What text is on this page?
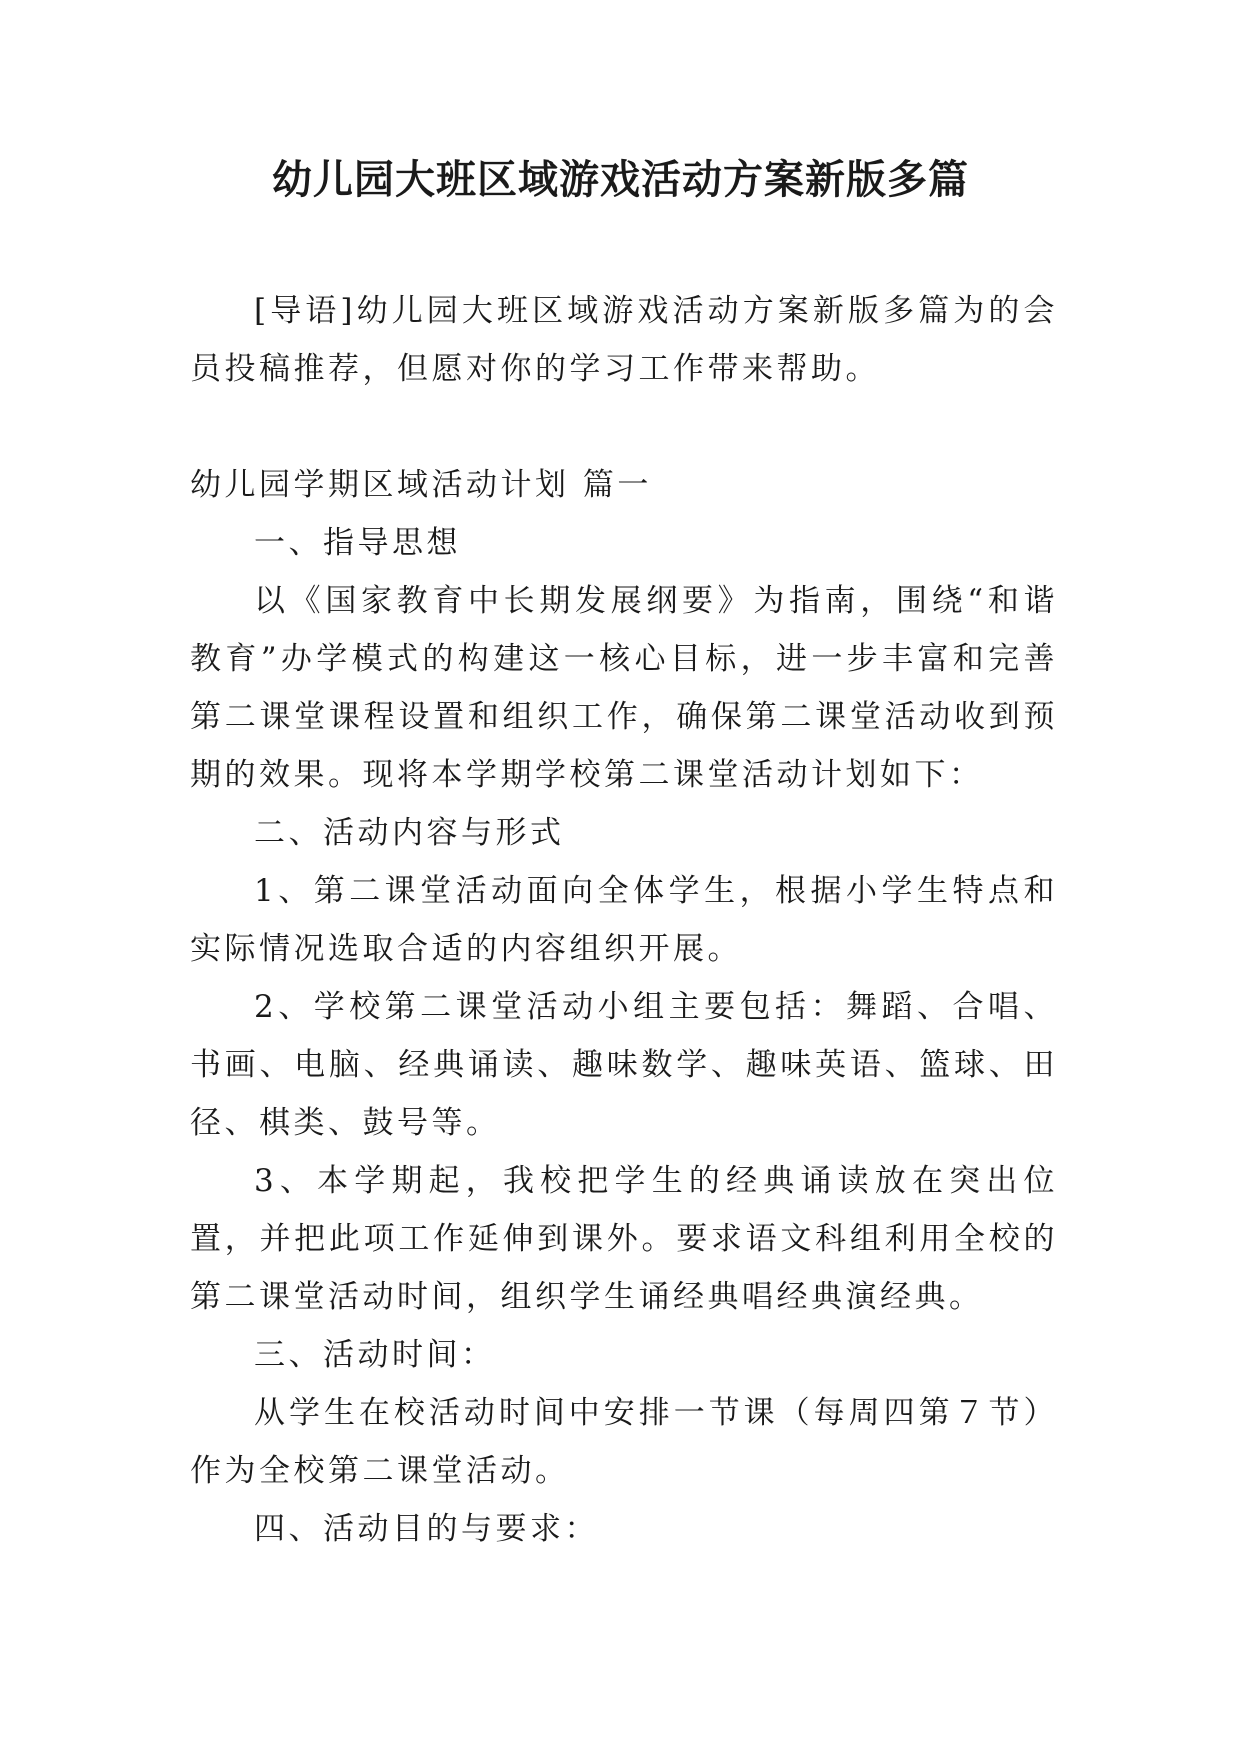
幼儿园大班区域游戏活动方案新版多篇

[导语]幼儿园大班区域游戏活动方案新版多篇为的会员投稿推荐，但愿对你的学习工作带来帮助。

幼儿园学期区域活动计划 篇一

一、指导思想

以《国家教育中长期发展纲要》为指南，围绕“和谐教育”办学模式的构建这一核心目标，进一步丰富和完善第二课堂课程设置和组织工作，确保第二课堂活动收到预期的效果。现将本学期学校第二课堂活动计划如下：

二、活动内容与形式

1、第二课堂活动面向全体学生，根据小学生特点和实际情况选取合适的内容组织开展。

2、学校第二课堂活动小组主要包括：舞蹈、合唱、书画、电脑、经典诵读、趣味数学、趣味英语、篮球、田径、棋类、鼓号等。

3、本学期起，我校把学生的经典诵读放在突出位置，并把此项工作延伸到课外。要求语文科组利用全校的第二课堂活动时间，组织学生诵经典唱经典演经典。

三、活动时间：

从学生在校活动时间中安排一节课（每周四第７节）作为全校第二课堂活动。

四、活动目的与要求：
